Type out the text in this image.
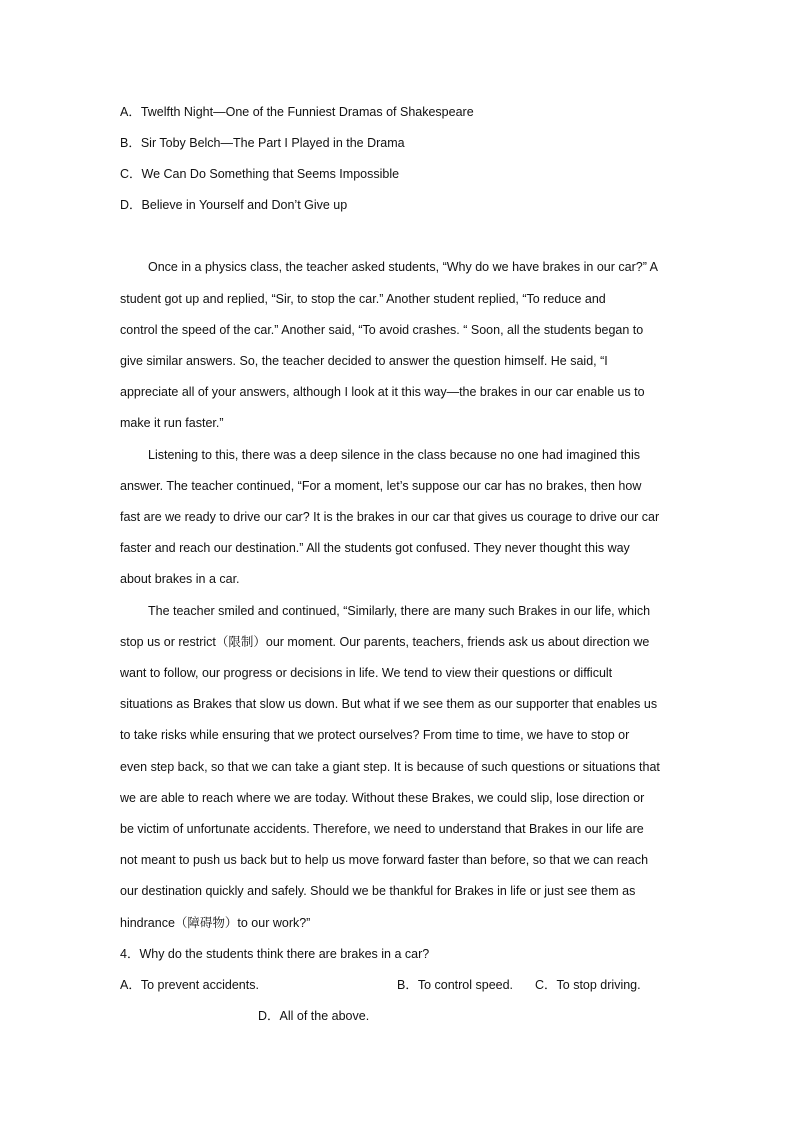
A．Twelfth Night—One of the Funniest Dramas of Shakespeare
B．Sir Toby Belch—The Part I Played in the Drama
C．We Can Do Something that Seems Impossible
D．Believe in Yourself and Don’t Give up
Once in a physics class, the teacher asked students, “Why do we have brakes in our car?” A
student got up and replied, “Sir, to stop the car.” Another student replied, “To reduce and
control the speed of the car.” Another said, “To avoid crashes. “ Soon, all the students began to
give similar answers. So, the teacher decided to answer the question himself. He said, “I
appreciate all of your answers, although I look at it this way—the brakes in our car enable us to
make it run faster.”
Listening to this, there was a deep silence in the class because no one had imagined this
answer. The teacher continued, “For a moment, let’s suppose our car has no brakes, then how
fast are we ready to drive our car? It is the brakes in our car that gives us courage to drive our car
faster and reach our destination.” All the students got confused. They never thought this way
about brakes in a car.
The teacher smiled and continued, “Similarly, there are many such Brakes in our life, which
stop us or restrict（限制）our moment. Our parents, teachers, friends ask us about direction we
want to follow, our progress or decisions in life. We tend to view their questions or difficult
situations as Brakes that slow us down. But what if we see them as our supporter that enables us
to take risks while ensuring that we protect ourselves? From time to time, we have to stop or
even step back, so that we can take a giant step. It is because of such questions or situations that
we are able to reach where we are today. Without these Brakes, we could slip, lose direction or
be victim of unfortunate accidents. Therefore, we need to understand that Brakes in our life are
not meant to push us back but to help us move forward faster than before, so that we can reach
our destination quickly and safely. Should we be thankful for Brakes in life or just see them as
hindrance（障碍物）to our work?”
4．Why do the students think there are brakes in a car?
A．To prevent accidents.	B．To control speed. C．To stop driving.
D．All of the above.
